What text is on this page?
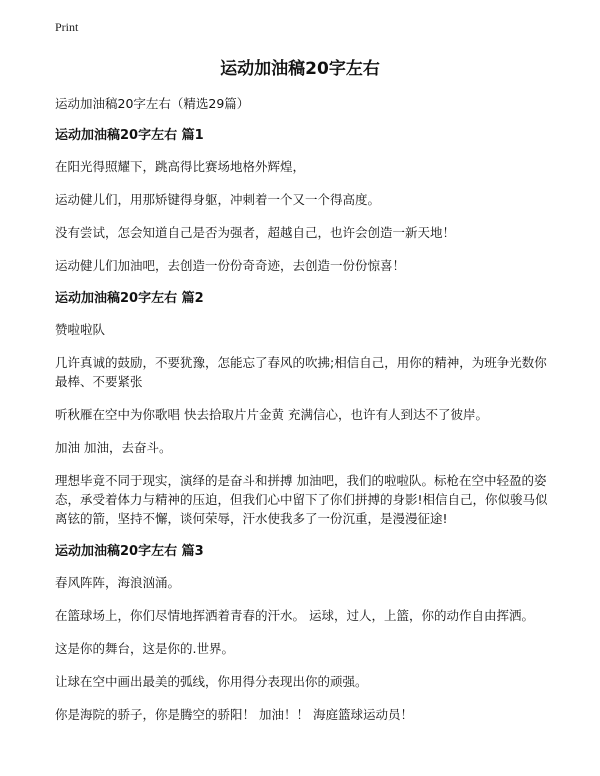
Print
运动加油稿20字左右

运动加油稿20字左右（精选29篇）

运动加油稿20字左右 篇1

在阳光得照耀下，跳高得比赛场地格外辉煌，

运动健儿们，用那矫键得身躯，冲刺着一个又一个得高度。

没有尝试，怎会知道自己是否为强者，超越自己，也许会创造一新天地！

运动健儿们加油吧，去创造一份份奇奇迹，去创造一份份惊喜！

运动加油稿20字左右 篇2

赞啦啦队

几许真诚的鼓励，不要犹豫，怎能忘了春风的吹拂;相信自己，用你的精神，为班争光数你最棒、不要紧张

听秋雁在空中为你歌唱 快去拾取片片金黄 充满信心，也许有人到达不了彼岸。

加油 加油，去奋斗。

理想毕竟不同于现实，演绎的是奋斗和拼搏 加油吧，我们的啦啦队。标枪在空中轻盈的姿态，承受着体力与精神的压迫，但我们心中留下了你们拼搏的身影!相信自己，你似骏马似离铉的箭，坚持不懈，谈何荣辱，汗水使我多了一份沉重，是漫漫征途!

运动加油稿20字左右 篇3

春风阵阵，海浪汹涌。

在篮球场上，你们尽情地挥洒着青春的汗水。 运球，过人，上篮，你的动作自由挥洒。

这是你的舞台，这是你的.世界。

让球在空中画出最美的弧线，你用得分表现出你的顽强。

你是海院的骄子，你是腾空的骄阳！ 加油！！ 海庭篮球运动员！
